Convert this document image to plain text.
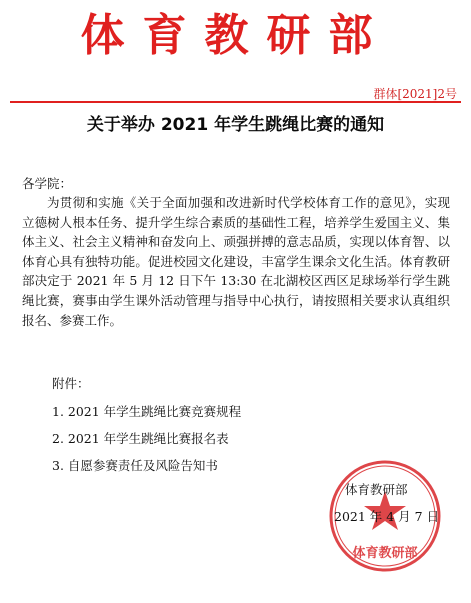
体育教研部
群体[2021]2号
关于举办 2021 年学生跳绳比赛的通知
各学院：
为贯彻和实施《关于全面加强和改进新时代学校体育工作的意见》，实现立德树人根本任务、提升学生综合素质的基础性工程，培养学生爱国主义、集体主义、社会主义精神和奋发向上、顽强拼搏的意志品质，实现以体育智、以体育心具有独特功能。促进校园文化建设，丰富学生课余文化生活。体育教研部决定于 2021 年 5 月 12 日下午 13:30 在北湖校区西区足球场举行学生跳绳比赛，赛事由学生课外活动管理与指导中心执行，请按照相关要求认真组织报名、参赛工作。
附件：
1. 2021 年学生跳绳比赛竞赛规程
2. 2021 年学生跳绳比赛报名表
3. 自愿参赛责任及风险告知书
体育教研部
体育教研部
2021 年 4 月 7 日
